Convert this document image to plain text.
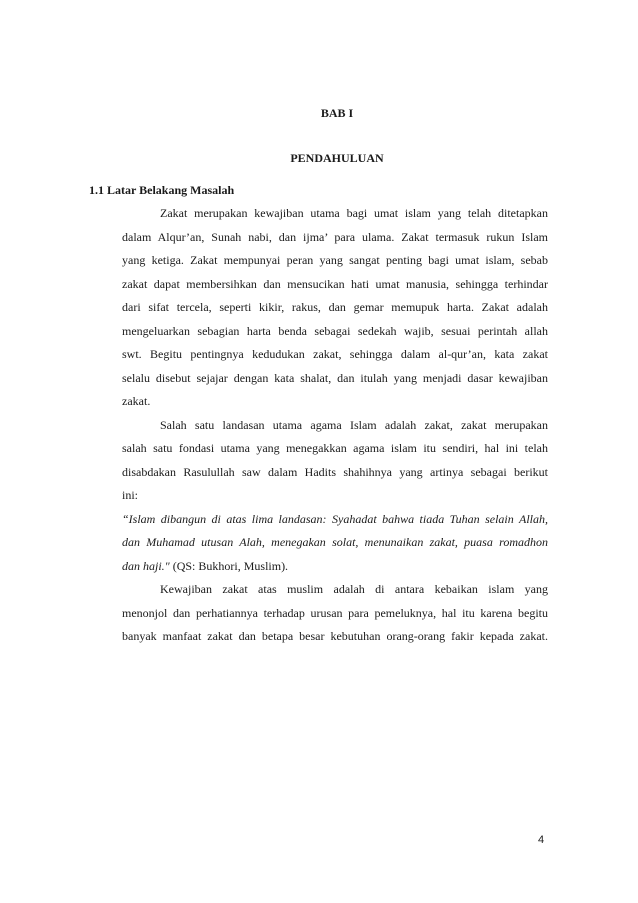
BAB I

PENDAHULUAN

1.1 Latar Belakang Masalah

Zakat merupakan kewajiban utama bagi umat islam yang telah ditetapkan
dalam Alqur’an, Sunah nabi, dan ijma’ para ulama. Zakat termasuk rukun Islam
yang ketiga. Zakat mempunyai peran yang sangat penting bagi umat islam, sebab
zakat dapat membersihkan dan mensucikan hati umat manusia, sehingga terhindar
dari sifat tercela, seperti kikir, rakus, dan gemar memupuk harta. Zakat adalah
mengeluarkan sebagian harta benda sebagai sedekah wajib, sesuai perintah allah
swt. Begitu pentingnya kedudukan zakat, sehingga dalam al-qur’an, kata zakat
selalu disebut sejajar dengan kata shalat, dan itulah yang menjadi dasar kewajiban
zakat.
Salah satu landasan utama agama Islam adalah zakat, zakat merupakan
salah satu fondasi utama yang menegakkan agama islam itu sendiri, hal ini telah
disabdakan Rasulullah saw dalam Hadits shahihnya yang artinya sebagai berikut
ini:
“Islam dibangun di atas lima landasan: Syahadat bahwa tiada Tuhan selain Allah,
dan Muhamad utusan Alah, menegakan solat, menunaikan zakat, puasa romadhon
dan haji." (QS: Bukhori, Muslim).
Kewajiban zakat atas muslim adalah di antara kebaikan islam yang
menonjol dan perhatiannya terhadap urusan para pemeluknya, hal itu karena begitu
banyak manfaat zakat dan betapa besar kebutuhan orang-orang fakir kepada zakat.

4
